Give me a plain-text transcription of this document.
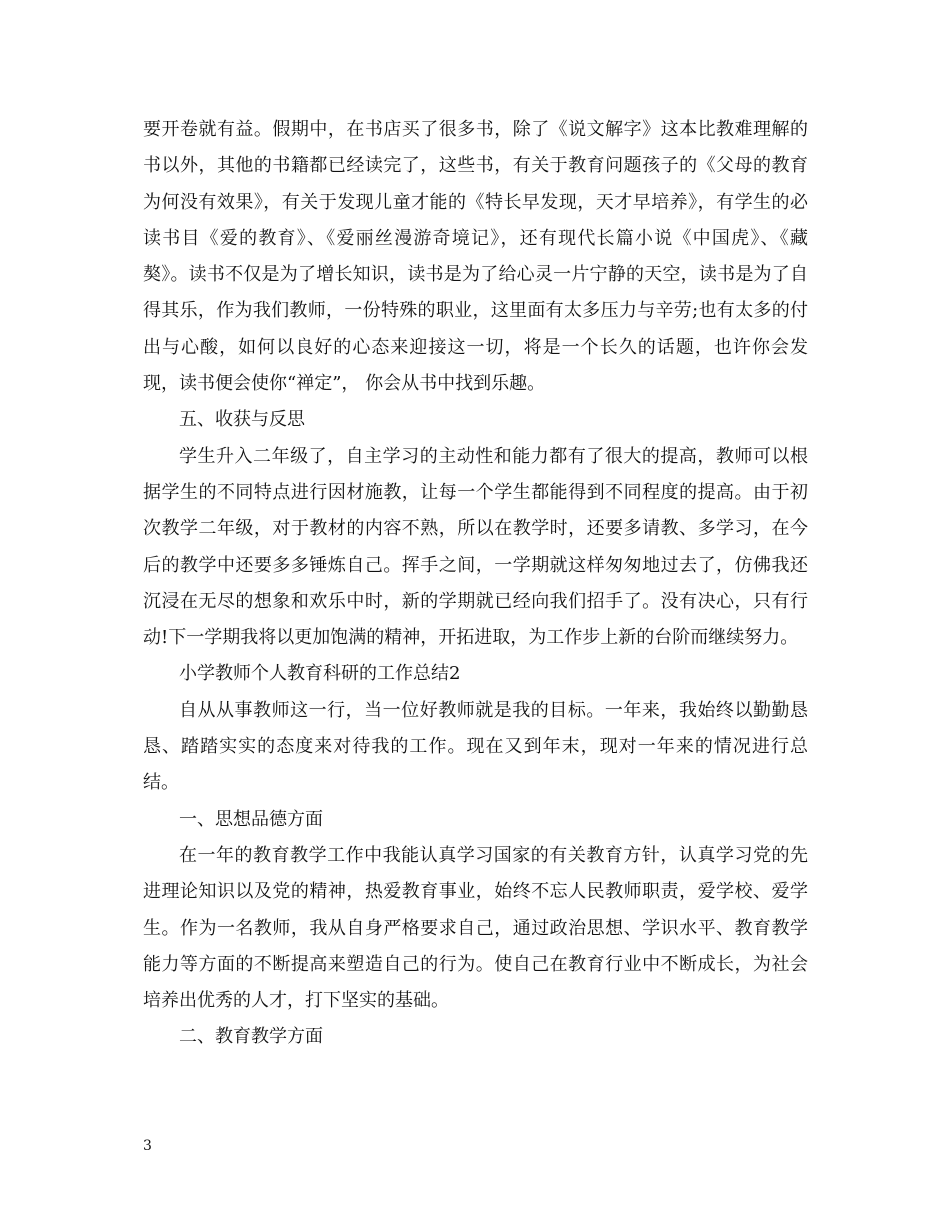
要开卷就有益。假期中，在书店买了很多书，除了《说文解字》这本比教难理解的书以外，其他的书籍都已经读完了，这些书，有关于教育问题孩子的《父母的教育为何没有效果》，有关于发现儿童才能的《特长早发现，天才早培养》，有学生的必读书目《爱的教育》、《爱丽丝漫游奇境记》，还有现代长篇小说《中国虎》、《藏獒》。读书不仅是为了增长知识，读书是为了给心灵一片宁静的天空，读书是为了自得其乐，作为我们教师，一份特殊的职业，这里面有太多压力与辛劳;也有太多的付出与心酸，如何以良好的心态来迎接这一切，将是一个长久的话题，也许你会发现，读书便会使你“禅定”， 你会从书中找到乐趣。

五、收获与反思

学生升入二年级了，自主学习的主动性和能力都有了很大的提高，教师可以根据学生的不同特点进行因材施教，让每一个学生都能得到不同程度的提高。由于初次教学二年级，对于教材的内容不熟，所以在教学时，还要多请教、多学习，在今后的教学中还要多多锤炼自己。挥手之间，一学期就这样匆匆地过去了，仿佛我还沉浸在无尽的想象和欢乐中时，新的学期就已经向我们招手了。没有决心，只有行动!下一学期我将以更加饱满的精神，开拓进取，为工作步上新的台阶而继续努力。

小学教师个人教育科研的工作总结2

自从从事教师这一行，当一位好教师就是我的目标。一年来，我始终以勤勤恳恳、踏踏实实的态度来对待我的工作。现在又到年末，现对一年来的情况进行总结。

一、思想品德方面

在一年的教育教学工作中我能认真学习国家的有关教育方针，认真学习党的先进理论知识以及党的精神，热爱教育事业，始终不忘人民教师职责，爱学校、爱学生。作为一名教师，我从自身严格要求自己，通过政治思想、学识水平、教育教学能力等方面的不断提高来塑造自己的行为。使自己在教育行业中不断成长，为社会培养出优秀的人才，打下坚实的基础。

二、教育教学方面

3
